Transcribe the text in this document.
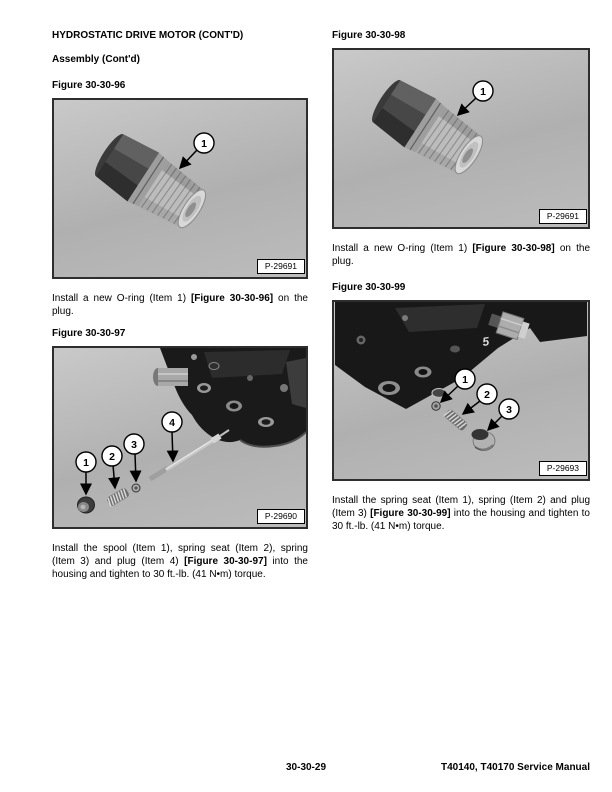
HYDROSTATIC DRIVE MOTOR (CONT'D)
Assembly (Cont'd)
Figure 30-30-96
1
P-29691

Install a new O-ring (Item 1) [Figure 30-30-96] on the plug.

Figure 30-30-97
1 2
3
4
P-29690

Install the spool (Item 1), spring seat (Item 2), spring (Item 3) and plug (Item 4) [Figure 30-30-97] into the housing and tighten to 30 ft.-lb. (41 N•m) torque.

Figure 30-30-98
1
P-29691

Install a new O-ring (Item 1) [Figure 30-30-98] on the plug.

Figure 30-30-99
5
1
2
3
P-29693

Install the spring seat (Item 1), spring (Item 2) and plug (Item 3) [Figure 30-30-99] into the housing and tighten to 30 ft.-lb. (41 N•m) torque.

30-30-29	T40140, T40170 Service Manual
